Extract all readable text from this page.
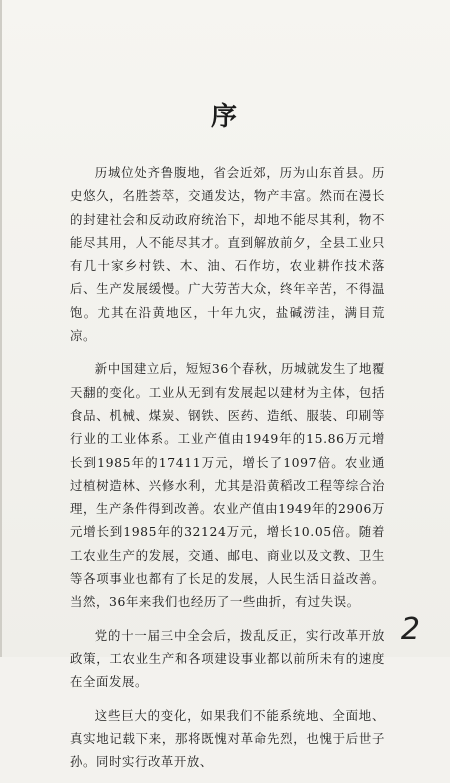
序

历城位处齐鲁腹地，省会近郊，历为山东首县。历史悠久，名胜荟萃，交通发达，物产丰富。然而在漫长的封建社会和反动政府统治下，却地不能尽其利，物不能尽其用，人不能尽其才。直到解放前夕，全县工业只有几十家乡村铁、木、油、石作坊，农业耕作技术落后、生产发展缓慢。广大劳苦大众，终年辛苦，不得温饱。尤其在沿黄地区，十年九灾，盐碱涝洼，满目荒凉。

新中国建立后，短短36个春秋，历城就发生了地覆天翻的变化。工业从无到有发展起以建材为主体，包括食品、机械、煤炭、钢铁、医药、造纸、服装、印刷等行业的工业体系。工业产值由1949年的15.86万元增长到1985年的17411万元，增长了1097倍。农业通过植树造林、兴修水利，尤其是沿黄稻改工程等综合治理，生产条件得到改善。农业产值由1949年的2906万元增长到1985年的32124万元，增长10.05倍。随着工农业生产的发展，交通、邮电、商业以及文教、卫生等各项事业也都有了长足的发展，人民生活日益改善。当然，36年来我们也经历了一些曲折，有过失误。

党的十一届三中全会后，拨乱反正，实行改革开放政策，工农业生产和各项建设事业都以前所未有的速度在全面发展。

这些巨大的变化，如果我们不能系统地、全面地、真实地记载下来，那将既愧对革命先烈，也愧于后世子孙。同时实行改革开放、

2
